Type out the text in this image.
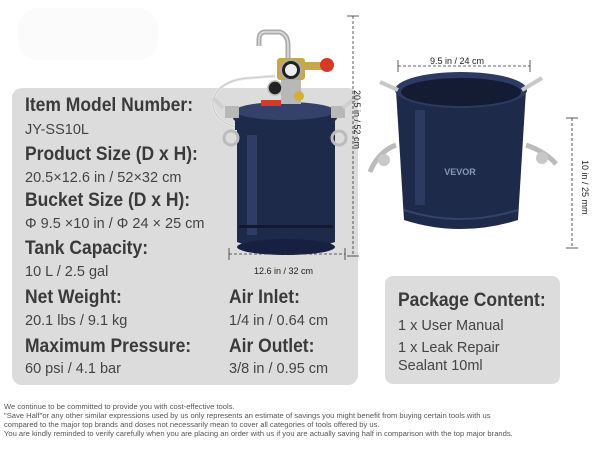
Item Model Number:
JY-SS10L
Product Size (D x H):
20.5×12.6 in / 52×32 cm
Bucket Size (D x H):
Φ 9.5 ×10 in / Φ 24 × 25 cm
Tank Capacity:
10 L / 2.5 gal
Net Weight:
20.1 lbs / 9.1 kg
Maximum Pressure:
60 psi / 4.1 bar
Air Inlet:
1/4 in / 0.64 cm
Air Outlet:
3/8 in / 0.95 cm
Package Content:
1 x User Manual
1 x Leak Repair
Sealant 10ml
20.5 in / 52 cm
12.6 in / 32 cm
VEVOR
9.5 in / 24 cm
10 in / 25 mm
We continue to be committed to provide you with cost-effective tools.
"Save Half"or any other similar expressions used by us only represents an estimate of savings you might benefit from buying certain tools with us
compared to the major top brands and doses not necessarily mean to cover all categories of tools offered by us.
You are kindly reminded to verify carefully when you are placing an order with us if you are actually saving half in comparison with the top major brands.
